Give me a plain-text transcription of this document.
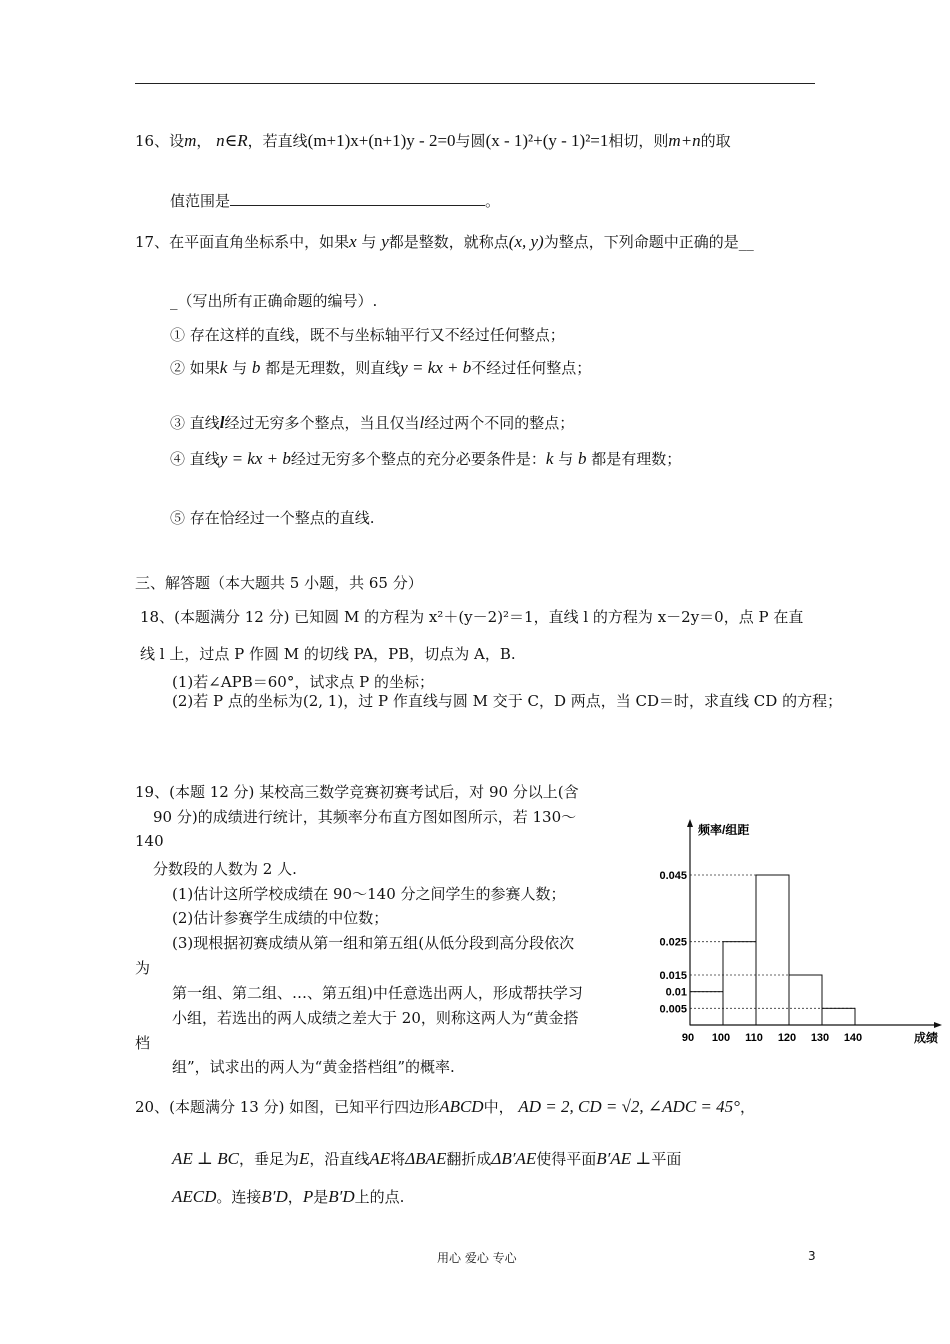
16、设m， n∈R，若直线(m+1)x+(n+1)y - 2=0与圆(x - 1)²+(y - 1)²=1相切，则m+n的取
值范围是	。
17、在平面直角坐标系中，如果x 与 y都是整数，就称点(x, y)为整点，下列命题中正确的是__
_（写出所有正确命题的编号）.
① 存在这样的直线，既不与坐标轴平行又不经过任何整点；
② 如果k 与 b 都是无理数，则直线y = kx + b不经过任何整点；
③ 直线l经过无穷多个整点，当且仅当l经过两个不同的整点；
④ 直线y = kx + b经过无穷多个整点的充分必要条件是：k 与 b 都是有理数；
⑤ 存在恰经过一个整点的直线.
三、解答题（本大题共 5 小题，共 65 分）
18、(本题满分 12 分) 已知圆 M 的方程为 x²＋(y－2)²＝1，直线 l 的方程为 x－2y＝0，点 P 在直
线 l 上，过点 P 作圆 M 的切线 PA，PB，切点为 A，B.
(1)若∠APB＝60°，试求点 P 的坐标；
(2)若 P 点的坐标为(2, 1)，过 P 作直线与圆 M 交于 C，D 两点，当 CD＝时，求直线 CD 的方程；
19、(本题 12 分) 某校高三数学竞赛初赛考试后，对 90 分以上(含
90 分)的成绩进行统计，其频率分布直方图如图所示，若 130～
140
分数段的人数为 2 人.
(1)估计这所学校成绩在 90～140 分之间学生的参赛人数；
(2)估计参赛学生成绩的中位数；
(3)现根据初赛成绩从第一组和第五组(从低分段到高分段依次
为
第一组、第二组、…、第五组)中任意选出两人，形成帮扶学习
小组，若选出的两人成绩之差大于 20，则称这两人为“黄金搭
档
组”，试求出的两人为“黄金搭档组”的概率.
0.045
0.025
0.015
0.01
0.005
90 100 110 120 130 140
频率/组距
成绩
20、(本题满分 13 分) 如图，已知平行四边形ABCD中， AD = 2, CD = √2, ∠ADC = 45°，
AE ⊥ BC，垂足为E，沿直线AE将ΔBAE翻折成ΔB′AE使得平面B′AE ⊥平面
AECD。连接B′D，P是B′D上的点.
用心 爱心 专心	3
